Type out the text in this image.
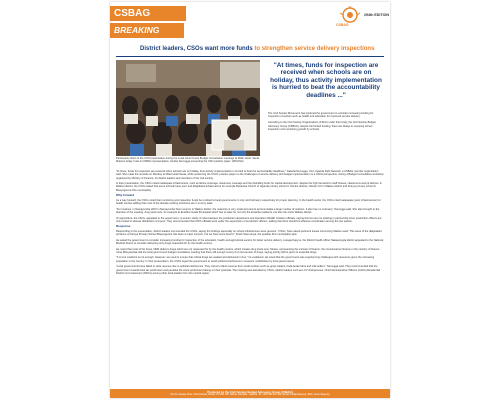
CSBAG
BREAKING NEWS
CSBAG
294th EDITION
District leaders, CSOs want more funds to strengthen service delivery inspections
Participants listen to the CSO presentation during the Local Government Budget Consultative meetings at Rider Hotel, Seeta. Mukono today. Inset is CSBAG representative, Ainebe Nemugga presenting the CSO position paper. (MOLINA)
"At times, funds for inspection are received when schools are on holiday, thus activity implementation is hurried to beat the accountability deadlines ..."

The Civil Society Movement has implored the government to consider increasing funding for inspection of sectors such as health and education for improved service delivery.

According to the Civil Society Organizations (CSOs) under their body, the Civil Society Budget Advocacy Group (CSBAG), despite the limited funding, there are delays in receiving school inspection and monitoring growth by schools.

"At times, funds for inspection are received when schools are on holiday, thus activity implementation is hurried to beat the accountability deadlines," Isabella Nemugga, from Uganda Debt Network, a CSBAG member organization said. She made the remarks on Monday at Rider Hotel Seeta, while presenting the CSOs' position paper on the challenges of service delivery and budget implementation to a CSOs perspective, during a Budget Consultative workshop organized by Ministry of Finance, for district leaders and members of the civil society.

In their presentation, the CSOs noted inadequate infrastructure, such as latrine coverage, classroom coverage and the dwindling funds for capital development, despite the high demand for staff houses, classrooms and pit latrines. In Wakiso district, the CSOs stated that some schools have poor and dilapidated infrastructure for example Busamba Church of Uganda primary school in Gombe division, Nkedo C/U in Wakiso district and Kirinya primary school in Bweyogerere Kira municipality.

Why forward

As a way forward, the CSOs noted that monitoring and inspection funds be remitted to local governments in July and February respectively for proper planning. In the health sector, the CSOs cited inadequate (poor infrastructure) for health centres adding that most of the already existing structures are in a sorry state.

"For instance, in Namayumba HCIII in Namayumba Town council, in Wakiso district, the maternity is very small and cannot accommodate a large number of mothers. It also has no mortuary," Nemugga said. She also brought to the attention of the meeting, drug stock outs, for example at Entebbe Grade B Hospital which has to cater for not only the Entebbe residents, but also the entire Wakiso district.

On agriculture, the CSOs, appealed to the government, to ensure clarity of roles between the production department and Operation Wealth Creation officials, saying this two are not working in partnership since production officers are only invited to witness distribution of inputs. They recommended that OWC officials work under the supervision of production officers, adding that there should be effective coordination among the two parties.

Response

Responding to the presentation, district leaders commended the CSOs, saying the findings especially on school infrastructure were genuine. "CSOs, have raised pertinent issues concerning Wakiso ward. This issue of the dilapidated pit latrine at Kirinya Primary School Bweyogerere has been a major concern, but we have since fixed it," Frank Ssemutuya, the speaker Kira municipality said.

He asked the government to consider increasing funding for inspection of the education, health and agricultural sectors for better service delivery. Lukaga Kapyus, the District health officer Nakasongola district appealed to the National Medical Stores to consider delivering only drugs requested for by the health centres.

He noted that most of the times, NMS delivers drugs which are not requested for by the health centres, which creates drug stock-outs. Moses, representing the minister of finance, the commissioner finance in the ministry of finance Umar Mbuyambaa told the local government budget consultative meeting that there will enough money for procurement of drugs, saying priority will be given to essential drugs.

"It is true medicine is not enough. However, we need to ensure that critical drugs are availed and delivered in time," he explained. He noted that the government was experiencing challenges with resources given the increasing population in the country. In their presentation, the CSOs urged the government to avoid political interference in resource mobilization by local governments.

"Local governments have failed to raise revenue due to political interference. They cannot collect revenue from small vendors such as gonjo traders, boda boda riders and milk sellers," Nemugga said. They recommended that the government rewards best tax performers and penalise the worst performers basing on their potential. The meeting was attended by CSOs, district leaders such as LCV chairpersons, Chief Administrative Officers (CAOs) Residential District Commissioners (RDCs) among other local leaders from the central region.

Produced by the Civil Society Budget Advocacy Group (CSBAG)
Plot 11 Lutaaya Drive, Kimera Road, Ntinda, P.O Box 660, Ntinda, Kampala - Uganda. Tel: +256 393 224 333 | Email: info@csbag.org | Web: www.csbag.org
